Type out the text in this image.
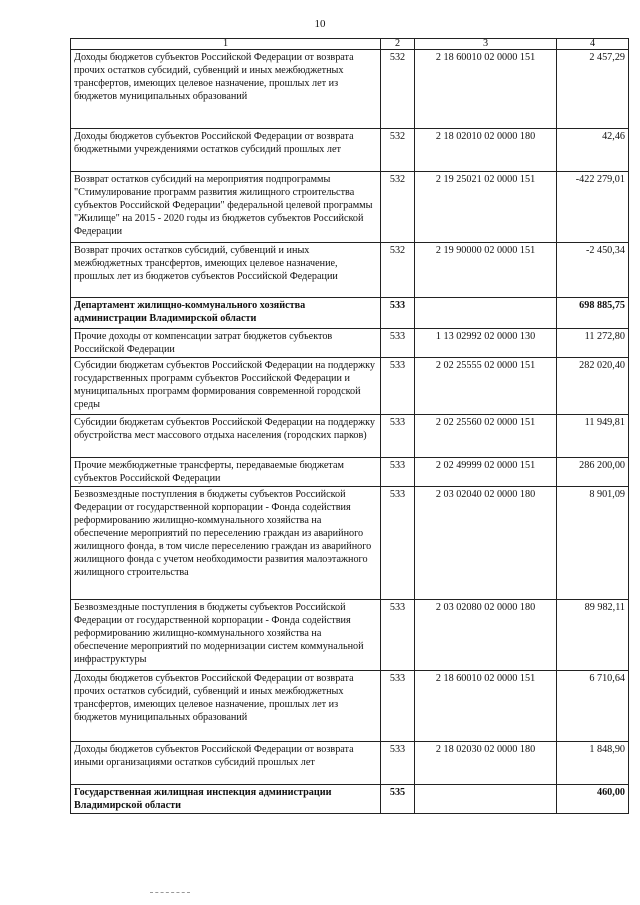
10
1	2	3	4
Доходы бюджетов субъектов Российской Федерации от возврата прочих остатков субсидий, субвенций и иных межбюджетных трансфертов, имеющих целевое назначение, прошлых лет из бюджетов муниципальных образований	532	2 18 60010 02 0000 151	2 457,29
Доходы бюджетов субъектов Российской Федерации от возврата бюджетными учреждениями остатков субсидий прошлых лет	532	2 18 02010 02 0000 180	42,46
Возврат остатков субсидий на мероприятия подпрограммы "Стимулирование программ развития жилищного строительства субъектов Российской Федерации" федеральной целевой программы "Жилище" на 2015 - 2020 годы из бюджетов субъектов Российской Федерации	532	2 19 25021 02 0000 151	-422 279,01
Возврат прочих остатков субсидий, субвенций и иных межбюджетных трансфертов, имеющих целевое назначение, прошлых лет из бюджетов субъектов Российской Федерации	532	2 19 90000 02 0000 151	-2 450,34
Департамент жилищно-коммунального хозяйства администрации Владимирской области	533		698 885,75
Прочие доходы от компенсации затрат бюджетов субъектов Российской Федерации	533	1 13 02992 02 0000 130	11 272,80
Субсидии бюджетам субъектов Российской Федерации на поддержку государственных программ субъектов Российской Федерации и муниципальных программ формирования современной городской среды	533	2 02 25555 02 0000 151	282 020,40
Субсидии бюджетам субъектов Российской Федерации на поддержку обустройства мест массового отдыха населения (городских парков)	533	2 02 25560 02 0000 151	11 949,81
Прочие межбюджетные трансферты, передаваемые бюджетам субъектов Российской Федерации	533	2 02 49999 02 0000 151	286 200,00
Безвозмездные поступления в бюджеты субъектов Российской Федерации от государственной корпорации - Фонда содействия реформированию жилищно-коммунального хозяйства на обеспечение мероприятий по переселению граждан из аварийного жилищного фонда, в том числе переселению граждан из аварийного жилищного фонда с учетом необходимости развития малоэтажного жилищного строительства	533	2 03 02040 02 0000 180	8 901,09
Безвозмездные поступления в бюджеты субъектов Российской Федерации от государственной корпорации - Фонда содействия реформированию жилищно-коммунального хозяйства на обеспечение мероприятий по модернизации систем коммунальной инфраструктуры	533	2 03 02080 02 0000 180	89 982,11
Доходы бюджетов субъектов Российской Федерации от возврата прочих остатков субсидий, субвенций и иных межбюджетных трансфертов, имеющих целевое назначение, прошлых лет из бюджетов муниципальных образований	533	2 18 60010 02 0000 151	6 710,64
Доходы бюджетов субъектов Российской Федерации от возврата иными организациями остатков субсидий прошлых лет	533	2 18 02030 02 0000 180	1 848,90
Государственная жилищная инспекция администрации Владимирской области	535		460,00
